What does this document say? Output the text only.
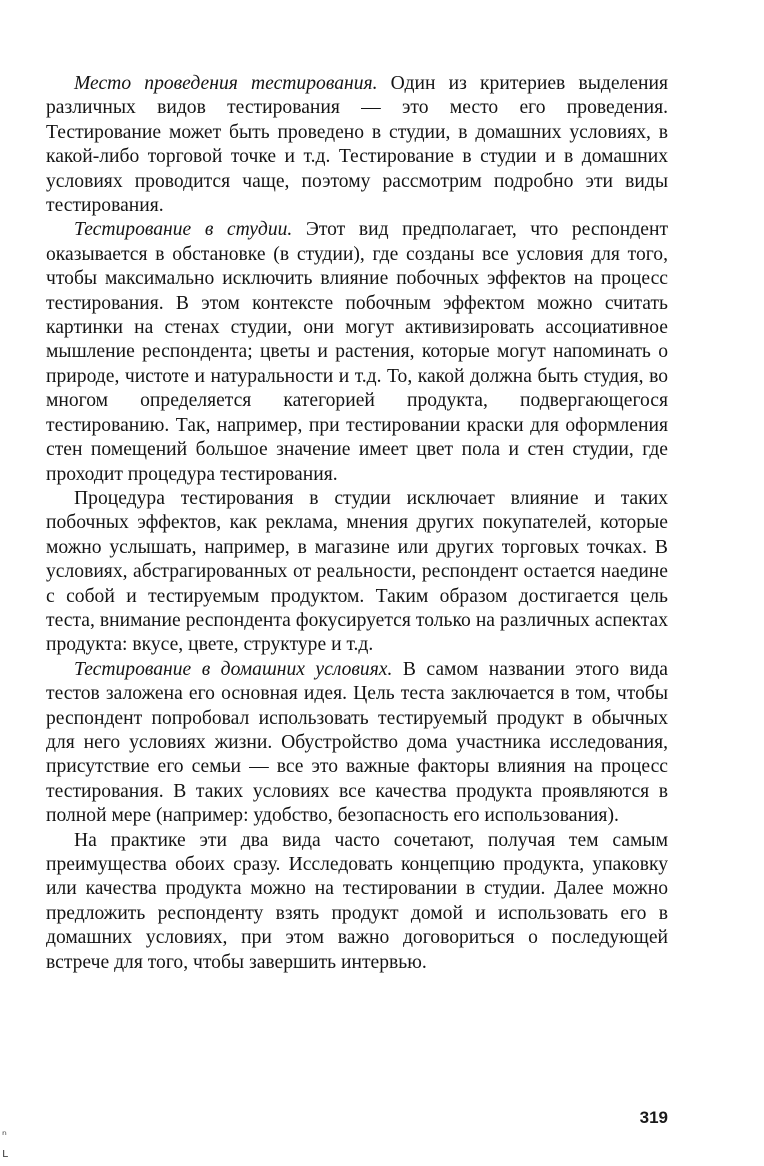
Место проведения тестирования. Один из критериев выделения различных видов тестирования — это место его проведения. Тестирование может быть проведено в студии, в домашних условиях, в какой-либо торговой точке и т.д. Тестирование в студии и в домашних условиях проводится чаще, поэтому рассмотрим подробно эти виды тестирования.

Тестирование в студии. Этот вид предполагает, что респондент оказывается в обстановке (в студии), где созданы все условия для того, чтобы максимально исключить влияние побочных эффектов на процесс тестирования. В этом контексте побочным эффектом можно считать картинки на стенах студии, они могут активизировать ассоциативное мышление респондента; цветы и растения, которые могут напоминать о природе, чистоте и натуральности и т.д. То, какой должна быть студия, во многом определяется категорией продукта, подвергающегося тестированию. Так, например, при тестировании краски для оформления стен помещений большое значение имеет цвет пола и стен студии, где проходит процедура тестирования.

Процедура тестирования в студии исключает влияние и таких побочных эффектов, как реклама, мнения других покупателей, которые можно услышать, например, в магазине или других торговых точках. В условиях, абстрагированных от реальности, респондент остается наедине с собой и тестируемым продуктом. Таким образом достигается цель теста, внимание респондента фокусируется только на различных аспектах продукта: вкусе, цвете, структуре и т.д.

Тестирование в домашних условиях. В самом названии этого вида тестов заложена его основная идея. Цель теста заключается в том, чтобы респондент попробовал использовать тестируемый продукт в обычных для него условиях жизни. Обустройство дома участника исследования, присутствие его семьи — все это важные факторы влияния на процесс тестирования. В таких условиях все качества продукта проявляются в полной мере (например: удобство, безопасность его использования).

На практике эти два вида часто сочетают, получая тем самым преимущества обоих сразу. Исследовать концепцию продукта, упаковку или качества продукта можно на тестировании в студии. Далее можно предложить респонденту взять продукт домой и использовать его в домашних условиях, при этом важно договориться о последующей встрече для того, чтобы завершить интервью.

319
ⁿ
ʟ
